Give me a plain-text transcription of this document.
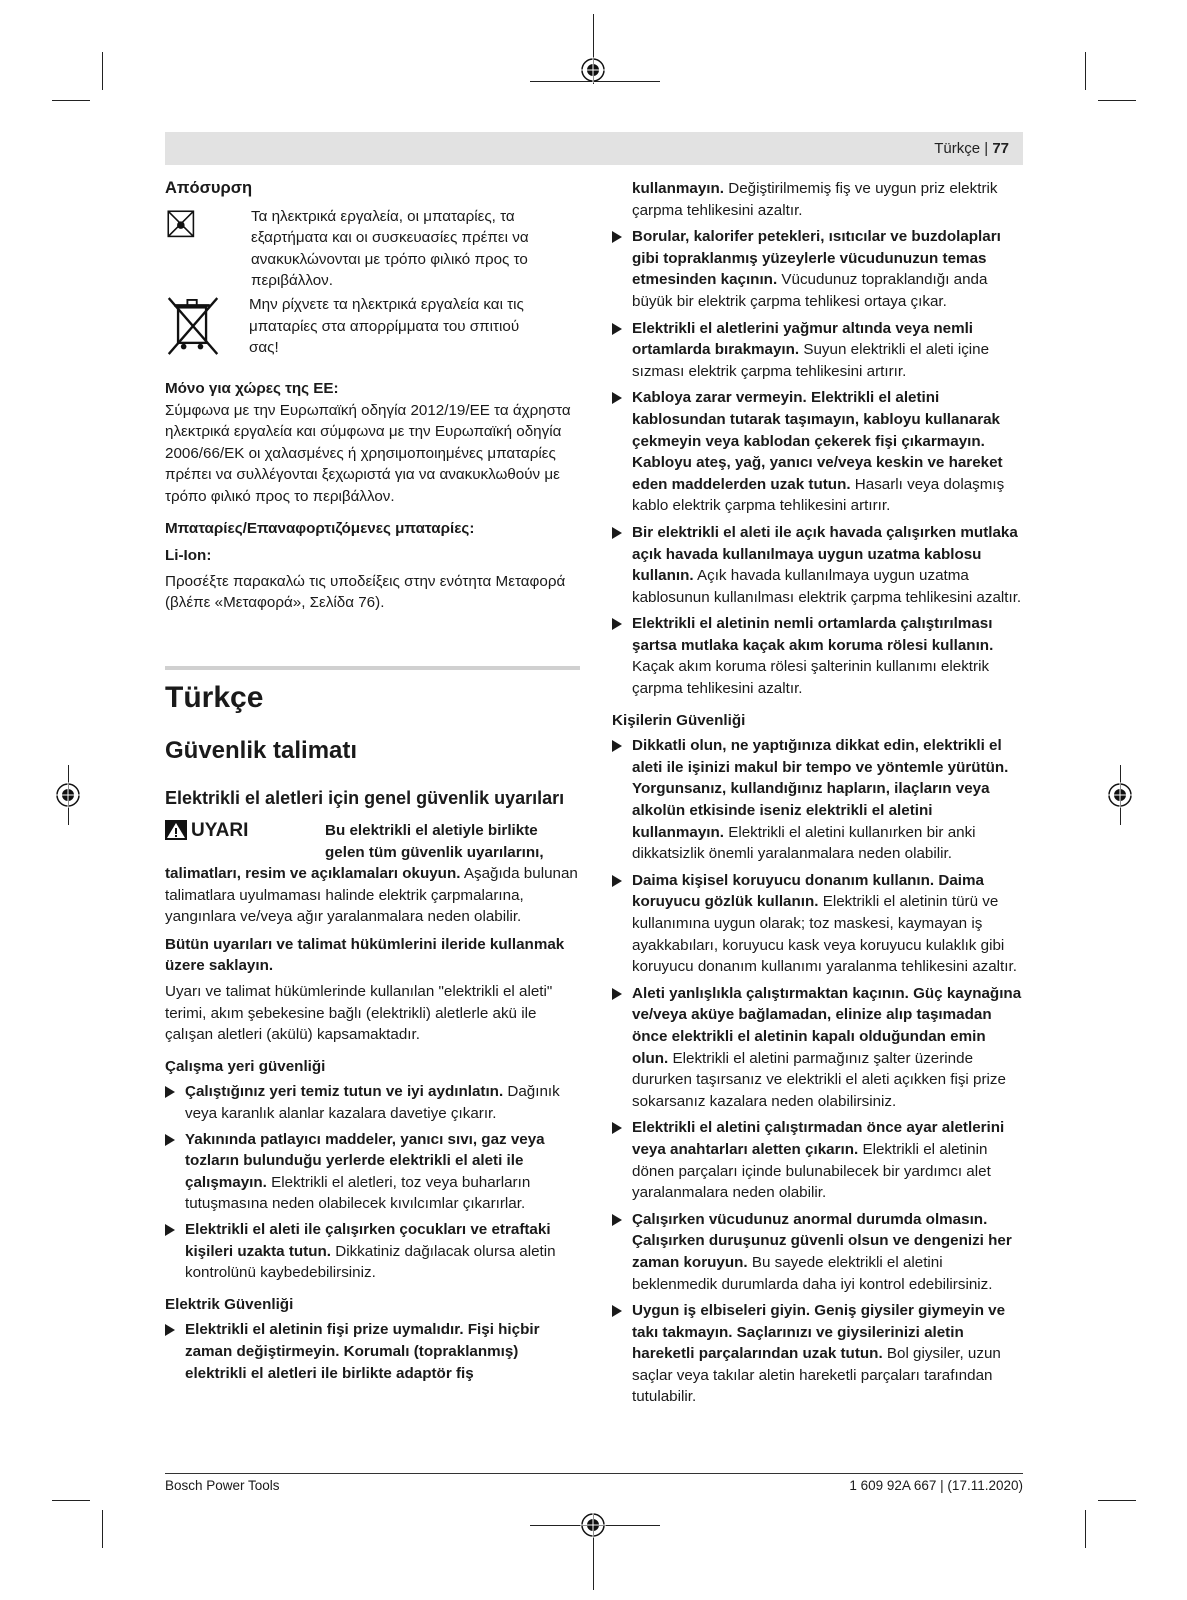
Türkçe | 77

Απόσυρση

Τα ηλεκτρικά εργαλεία, οι μπαταρίες, τα εξαρτήματα και οι συσκευασίες πρέπει να ανακυκλώνονται με τρόπο φιλικό προς το περιβάλλον.

Μην ρίχνετε τα ηλεκτρικά εργαλεία και τις μπαταρίες στα απορρίμματα του σπιτιού σας!

Μόνο για χώρες της ΕΕ:

Σύμφωνα με την Ευρωπαϊκή οδηγία 2012/19/ΕΕ τα άχρηστα ηλεκτρικά εργαλεία και σύμφωνα με την Ευρωπαϊκή οδηγία 2006/66/ΕΚ οι χαλασμένες ή χρησιμοποιημένες μπαταρίες πρέπει να συλλέγονται ξεχωριστά για να ανακυκλωθούν με τρόπο φιλικό προς το περιβάλλον.

Μπαταρίες/Επαναφορτιζόμενες μπαταρίες:

Li-Ion:

Προσέξτε παρακαλώ τις υποδείξεις στην ενότητα Μεταφορά (βλέπε «Μεταφορά», Σελίδα 76).

Türkçe

Güvenlik talimatı

Elektrikli el aletleri için genel güvenlik uyarıları

UYARI	Bu elektrikli el aletiyle birlikte gelen tüm güvenlik uyarılarını,

talimatları, resim ve açıklamaları okuyun. Aşağıda bulunan talimatlara uyulmaması halinde elektrik çarpmalarına, yangınlara ve/veya ağır yaralanmalara neden olabilir.

Bütün uyarıları ve talimat hükümlerini ileride kullanmak üzere saklayın.

Uyarı ve talimat hükümlerinde kullanılan "elektrikli el aleti" terimi, akım şebekesine bağlı (elektrikli) aletlerle akü ile çalışan aletleri (akülü) kapsamaktadır.

Çalışma yeri güvenliği

Çalıştığınız yeri temiz tutun ve iyi aydınlatın. Dağınık veya karanlık alanlar kazalara davetiye çıkarır.
Yakınında patlayıcı maddeler, yanıcı sıvı, gaz veya tozların bulunduğu yerlerde elektrikli el aleti ile çalışmayın. Elektrikli el aletleri, toz veya buharların tutuşmasına neden olabilecek kıvılcımlar çıkarırlar.
Elektrikli el aleti ile çalışırken çocukları ve etraftaki kişileri uzakta tutun. Dikkatiniz dağılacak olursa aletin kontrolünü kaybedebilirsiniz.

Elektrik Güvenliği

Elektrikli el aletinin fişi prize uymalıdır. Fişi hiçbir zaman değiştirmeyin. Korumalı (topraklanmış) elektrikli el aletleri ile birlikte adaptör fiş
kullanmayın. Değiştirilmemiş fiş ve uygun priz elektrik çarpma tehlikesini azaltır.
Borular, kalorifer petekleri, ısıtıcılar ve buzdolapları gibi topraklanmış yüzeylerle vücudunuzun temas etmesinden kaçının. Vücudunuz topraklandığı anda büyük bir elektrik çarpma tehlikesi ortaya çıkar.
Elektrikli el aletlerini yağmur altında veya nemli ortamlarda bırakmayın. Suyun elektrikli el aleti içine sızması elektrik çarpma tehlikesini artırır.
Kabloya zarar vermeyin. Elektrikli el aletini kablosundan tutarak taşımayın, kabloyu kullanarak çekmeyin veya kablodan çekerek fişi çıkarmayın. Kabloyu ateş, yağ, yanıcı ve/veya keskin ve hareket eden maddelerden uzak tutun. Hasarlı veya dolaşmış kablo elektrik çarpma tehlikesini artırır.
Bir elektrikli el aleti ile açık havada çalışırken mutlaka açık havada kullanılmaya uygun uzatma kablosu kullanın. Açık havada kullanılmaya uygun uzatma kablosunun kullanılması elektrik çarpma tehlikesini azaltır.
Elektrikli el aletinin nemli ortamlarda çalıştırılması şartsa mutlaka kaçak akım koruma rölesi kullanın. Kaçak akım koruma rölesi şalterinin kullanımı elektrik çarpma tehlikesini azaltır.

Kişilerin Güvenliği

Dikkatli olun, ne yaptığınıza dikkat edin, elektrikli el aleti ile işinizi makul bir tempo ve yöntemle yürütün. Yorgunsanız, kullandığınız hapların, ilaçların veya alkolün etkisinde iseniz elektrikli el aletini kullanmayın. Elektrikli el aletini kullanırken bir anki dikkatsizlik önemli yaralanmalara neden olabilir.
Daima kişisel koruyucu donanım kullanın. Daima koruyucu gözlük kullanın. Elektrikli el aletinin türü ve kullanımına uygun olarak; toz maskesi, kaymayan iş ayakkabıları, koruyucu kask veya koruyucu kulaklık gibi koruyucu donanım kullanımı yaralanma tehlikesini azaltır.
Aleti yanlışlıkla çalıştırmaktan kaçının. Güç kaynağına ve/veya aküye bağlamadan, elinize alıp taşımadan önce elektrikli el aletinin kapalı olduğundan emin olun. Elektrikli el aletini parmağınız şalter üzerinde dururken taşırsanız ve elektrikli el aleti açıkken fişi prize sokarsanız kazalara neden olabilirsiniz.
Elektrikli el aletini çalıştırmadan önce ayar aletlerini veya anahtarları aletten çıkarın. Elektrikli el aletinin dönen parçaları içinde bulunabilecek bir yardımcı alet yaralanmalara neden olabilir.
Çalışırken vücudunuz anormal durumda olmasın. Çalışırken duruşunuz güvenli olsun ve dengenizi her zaman koruyun. Bu sayede elektrikli el aletini beklenmedik durumlarda daha iyi kontrol edebilirsiniz.
Uygun iş elbiseleri giyin. Geniş giysiler giymeyin ve takı takmayın. Saçlarınızı ve giysilerinizi aletin hareketli parçalarından uzak tutun. Bol giysiler, uzun saçlar veya takılar aletin hareketli parçaları tarafından tutulabilir.
Bosch Power Tools	1 609 92A 667 | (17.11.2020)
